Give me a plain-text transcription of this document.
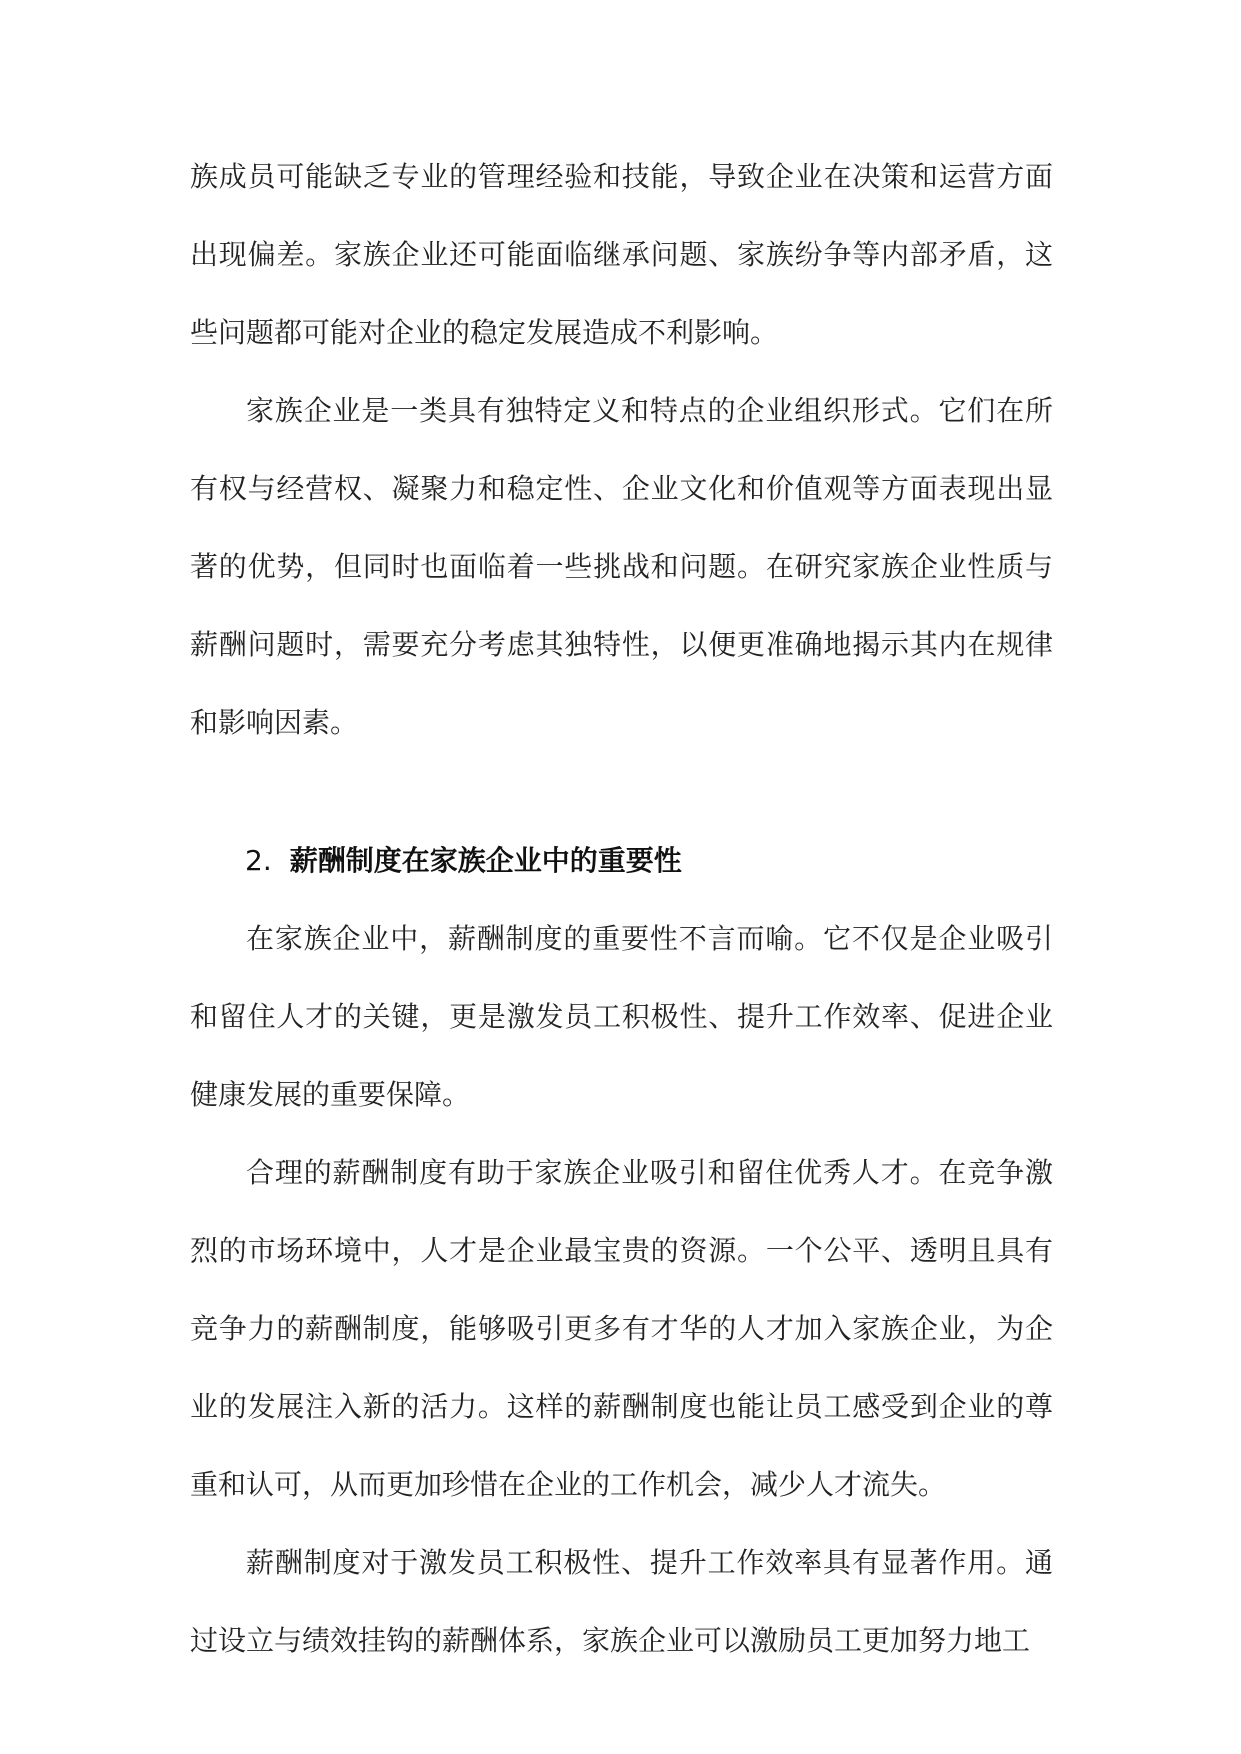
族成员可能缺乏专业的管理经验和技能，导致企业在决策和运营方面出现偏差。家族企业还可能面临继承问题、家族纷争等内部矛盾，这些问题都可能对企业的稳定发展造成不利影响。

家族企业是一类具有独特定义和特点的企业组织形式。它们在所有权与经营权、凝聚力和稳定性、企业文化和价值观等方面表现出显著的优势，但同时也面临着一些挑战和问题。在研究家族企业性质与薪酬问题时，需要充分考虑其独特性，以便更准确地揭示其内在规律和影响因素。

2. 薪酬制度在家族企业中的重要性

在家族企业中，薪酬制度的重要性不言而喻。它不仅是企业吸引和留住人才的关键，更是激发员工积极性、提升工作效率、促进企业健康发展的重要保障。

合理的薪酬制度有助于家族企业吸引和留住优秀人才。在竞争激烈的市场环境中，人才是企业最宝贵的资源。一个公平、透明且具有竞争力的薪酬制度，能够吸引更多有才华的人才加入家族企业，为企业的发展注入新的活力。这样的薪酬制度也能让员工感受到企业的尊重和认可，从而更加珍惜在企业的工作机会，减少人才流失。

薪酬制度对于激发员工积极性、提升工作效率具有显著作用。通过设立与绩效挂钩的薪酬体系，家族企业可以激励员工更加努力地工
